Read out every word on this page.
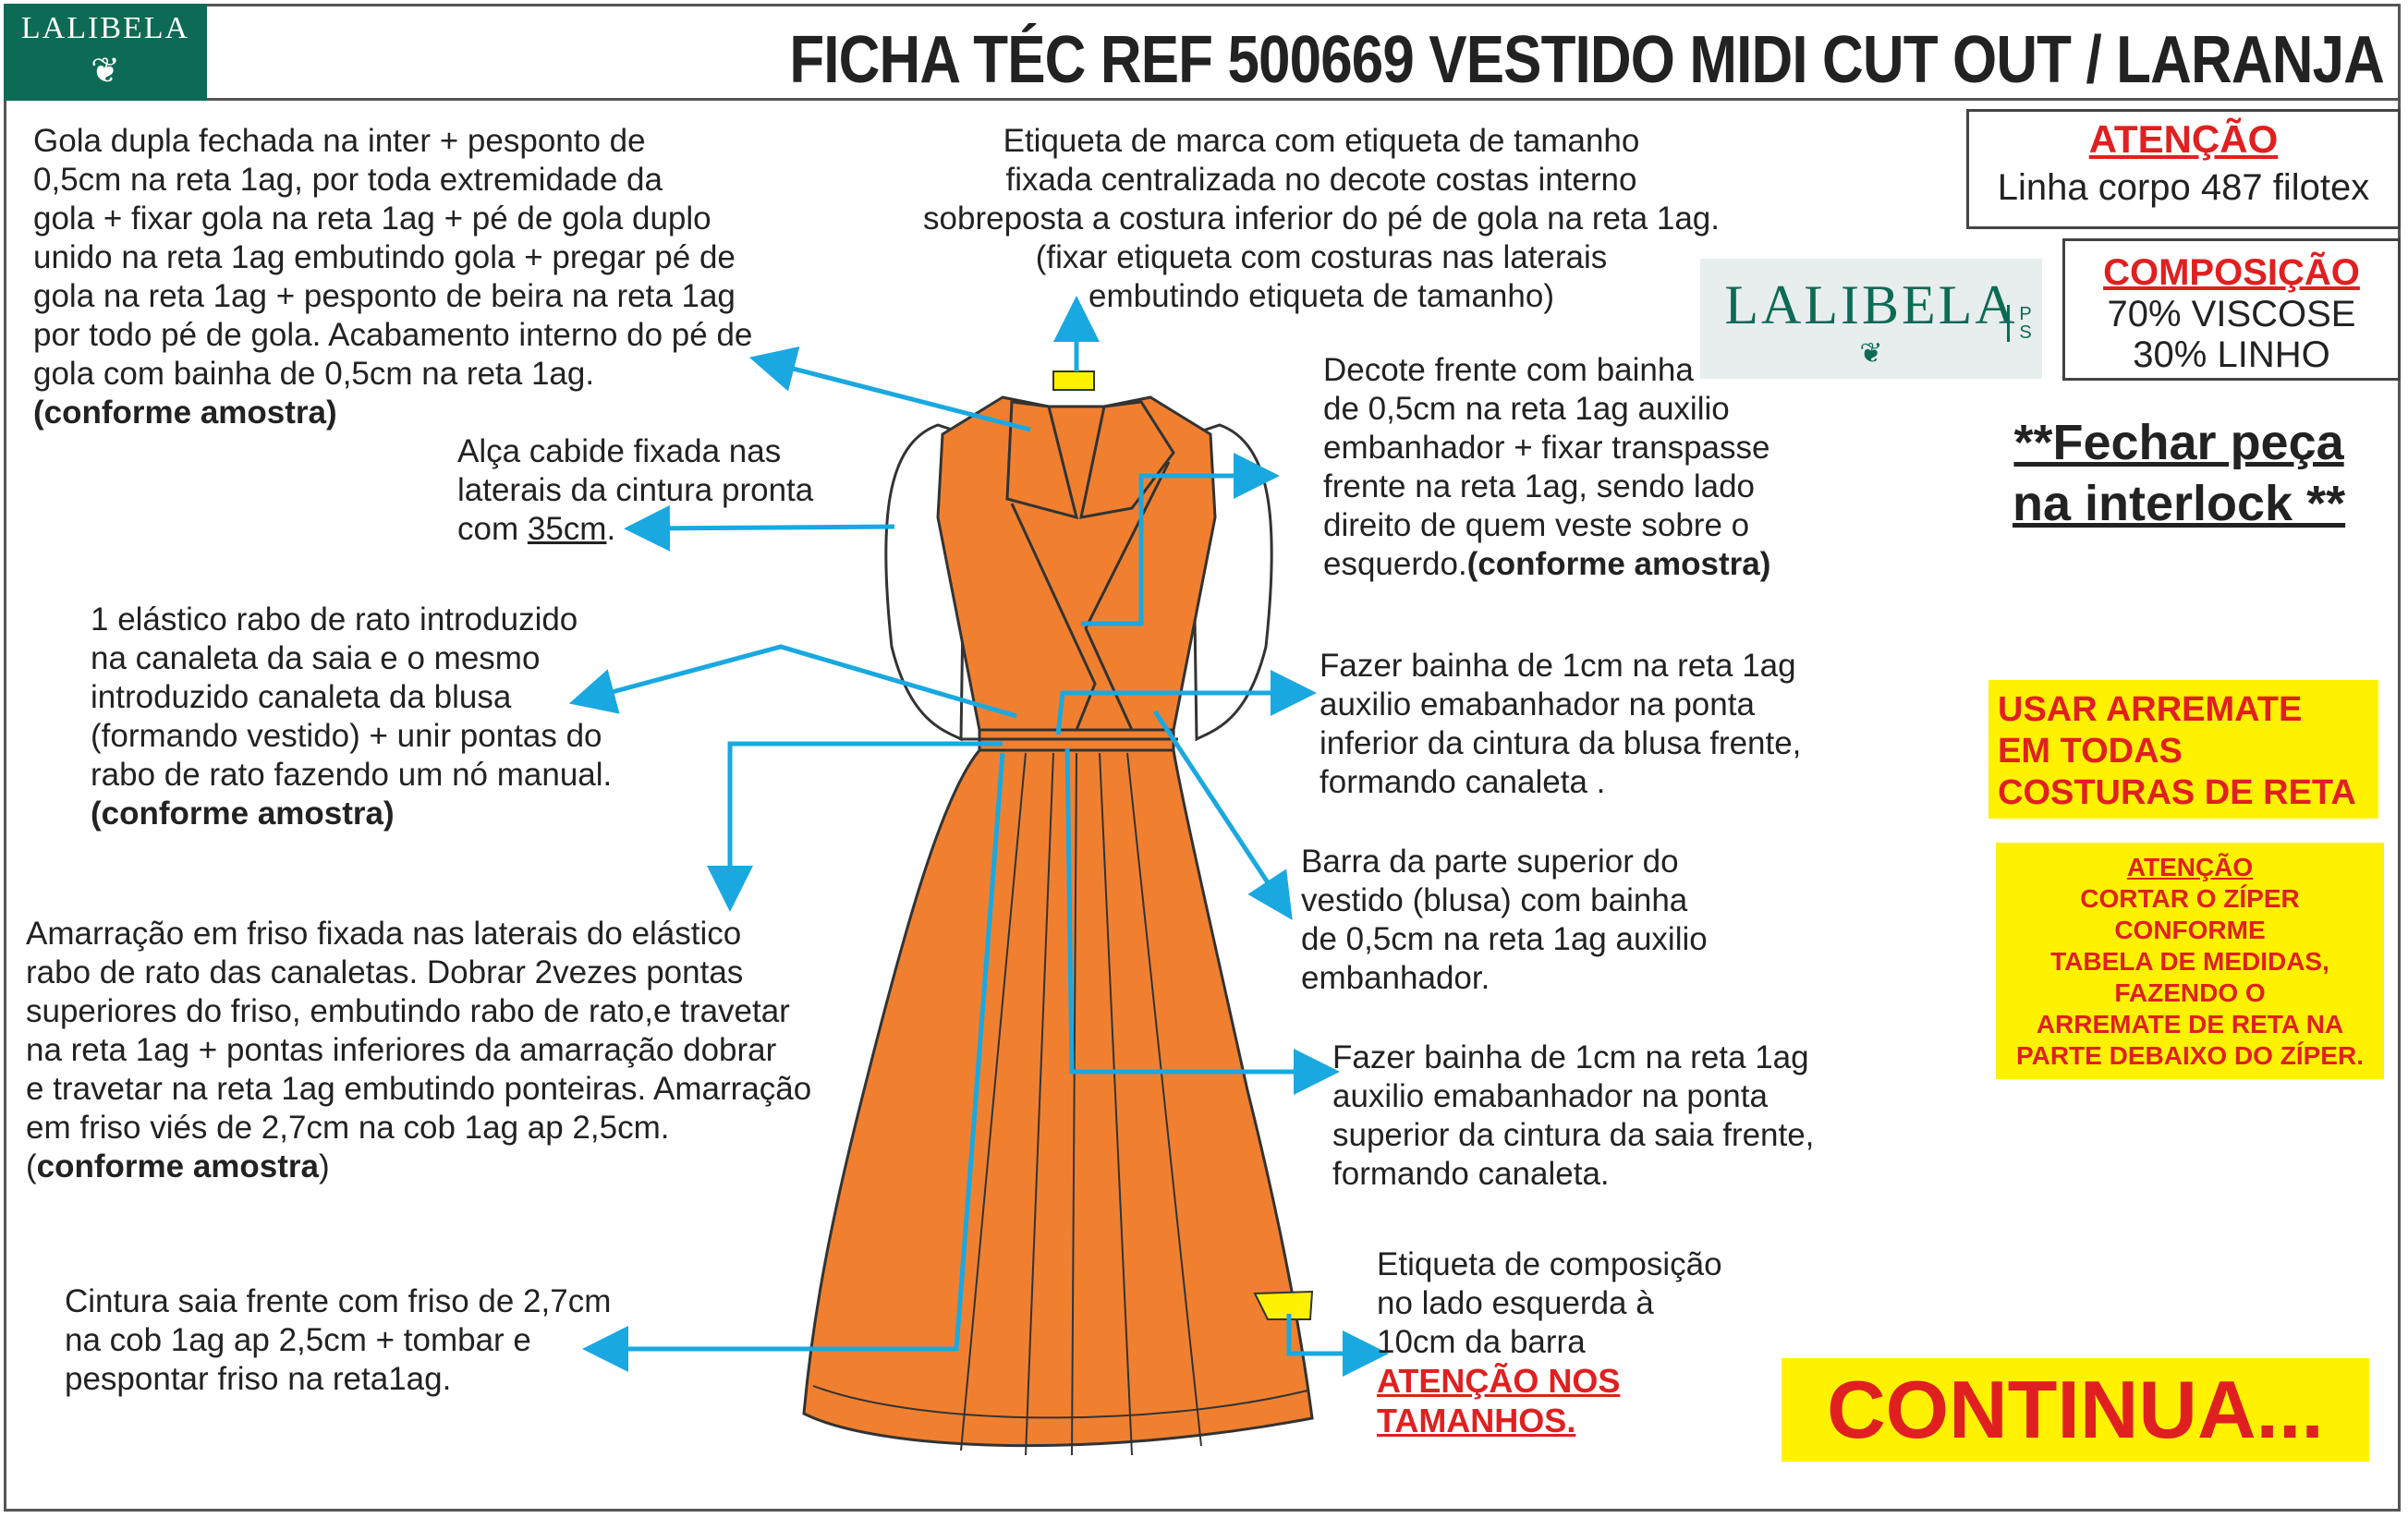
LALIBELA
❦	FICHA TÉC REF 500669 VESTIDO MIDI CUT OUT / LARANJA
Gola dupla fechada na inter + pesponto de
0,5cm na reta 1ag, por toda extremidade da
gola + fixar gola na reta 1ag + pé de gola duplo
unido na reta 1ag embutindo gola + pregar pé de
gola na reta 1ag + pesponto de beira na reta 1ag
por todo pé de gola. Acabamento interno do pé de
gola com bainha de 0,5cm na reta 1ag.
(conforme amostra)
Etiqueta de marca com etiqueta de tamanho
fixada centralizada no decote costas interno
sobreposta a costura inferior do pé de gola na reta 1ag.
(fixar etiqueta com costuras nas laterais
embutindo etiqueta de tamanho)
Alça cabide fixada nas
laterais da cintura pronta
com 35cm.
Decote frente com bainha
de 0,5cm na reta 1ag auxilio
embanhador + fixar transpasse
frente na reta 1ag, sendo lado
direito de quem veste sobre o
esquerdo.(conforme amostra)
1 elástico rabo de rato introduzido
na canaleta da saia e o mesmo
introduzido canaleta da blusa
(formando vestido) + unir pontas do
rabo de rato fazendo um nó manual.
(conforme amostra)
Fazer bainha de 1cm na reta 1ag
auxilio emabanhador na ponta
inferior da cintura da blusa frente,
formando canaleta .
Barra da parte superior do
vestido (blusa) com bainha
de 0,5cm na reta 1ag auxilio
embanhador.
Amarração em friso fixada nas laterais do elástico
rabo de rato das canaletas. Dobrar 2vezes pontas
superiores do friso, embutindo rabo de rato,e travetar
na reta 1ag + pontas inferiores da amarração dobrar
e travetar na reta 1ag embutindo ponteiras. Amarração
em friso viés de 2,7cm na cob 1ag ap 2,5cm.
(conforme amostra)
Fazer bainha de 1cm na reta 1ag
auxilio emabanhador na ponta
superior da cintura da saia frente,
formando canaleta.
Cintura saia frente com friso de 2,7cm
na cob 1ag ap 2,5cm + tombar e
pespontar friso na reta1ag.
Etiqueta de composição
no lado esquerda à
10cm da barra
ATENÇÃO NOS
TAMANHOS.
ATENÇÃO
Linha corpo 487 filotex
LALIBELA
❦
P
S
COMPOSIÇÃO
70% VISCOSE
30% LINHO
**Fechar peça
na interlock **
USAR ARREMATE
EM TODAS
COSTURAS DE RETA
ATENÇÃO
CORTAR O ZÍPER
CONFORME
TABELA DE MEDIDAS,
FAZENDO O
ARREMATE DE RETA NA
PARTE DEBAIXO DO ZÍPER.
CONTINUA...
